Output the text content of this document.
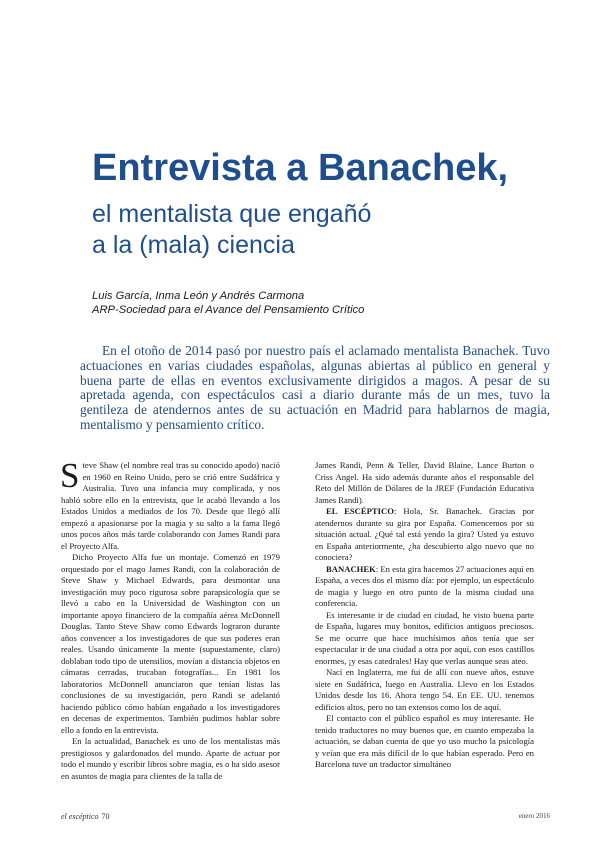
Entrevista a Banachek,
el mentalista que engañó
a la (mala) ciencia
Luis García, Inma León y Andrés Carmona
ARP-Sociedad para el Avance del Pensamiento Crítico

En el otoño de 2014 pasó por nuestro país el aclamado mentalista Banachek. Tuvo actuaciones en varias ciudades españolas, algunas abiertas al público en general y buena parte de ellas en eventos exclusivamente dirigidos a magos. A pesar de su apretada agenda, con espectáculos casi a diario durante más de un mes, tuvo la gentileza de atendernos antes de su actuación en Madrid para hablarnos de magia, mentalismo y pensamiento crítico.

Steve Shaw (el nombre real tras su conocido apodo) nació en 1960 en Reino Unido, pero se crió entre Sudáfrica y Australia. Tuvo una infancia muy complicada, y nos habló sobre ello en la entrevista, que le acabó llevando a los Estados Unidos a mediados de los 70. Desde que llegó allí empezó a apasionarse por la magia y su salto a la fama llegó unos pocos años más tarde colaborando con James Randi para el Proyecto Alfa.

Dicho Proyecto Alfa fue un montaje. Comenzó en 1979 orquestado por el mago James Randi, con la colaboración de Steve Shaw y Michael Edwards, para desmontar una investigación muy poco rigurosa sobre parapsicología que se llevó a cabo en la Universidad de Washington con un importante apoyo financiero de la compañía aérea McDonnell Douglas. Tanto Steve Shaw como Edwards lograron durante años convencer a los investigadores de que sus poderes eran reales. Usando únicamente la mente (supuestamente, claro) doblaban todo tipo de utensilios, movían a distancia objetos en cámaras cerradas, trucaban fotografías... En 1981 los laboratorios McDonnell anunciaron que tenían listas las conclusiones de su investigación, pero Randi se adelantó haciendo público cómo habían engañado a los investigadores en decenas de experimentos. También pudimos hablar sobre ello a fondo en la entrevista.

En la actualidad, Banachek es uno de los mentalistas más prestigiosos y galardonados del mundo. Aparte de actuar por todo el mundo y escribir libros sobre magia, es o ha sido asesor en asuntos de magia para clientes de la talla de

James Randi, Penn & Teller, David Blaine, Lance Burton o Criss Angel. Ha sido además durante años el responsable del Reto del Millón de Dólares de la JREF (Fundación Educativa James Randi).

EL ESCÉPTICO: Hola, Sr. Banachek. Gracias por atendernos durante su gira por España. Comencemos por su situación actual. ¿Qué tal está yendo la gira? Usted ya estuvo en España anteriormente, ¿ha descubierto algo nuevo que no conociera?

BANACHEK: En esta gira hacemos 27 actuaciones aquí en España, a veces dos el mismo día: por ejemplo, un espectáculo de magia y luego en otro punto de la misma ciudad una conferencia.

Es interesante ir de ciudad en ciudad, he visto buena parte de España, lugares muy bonitos, edificios antiguos preciosos. Se me ocurre que hace muchísimos años tenía que ser espectacular ir de una ciudad a otra por aquí, con esos castillos enormes, ¡y esas catedrales! Hay que verlas aunque seas ateo.

Nací en Inglaterra, me fui de allí con nueve años, estuve siete en Sudáfrica, luego en Australia. Llevo en los Estados Unidos desde los 16. Ahora tengo 54. En EE. UU. tenemos edificios altos, pero no tan extensos como los de aquí.

El contacto con el público español es muy interesante. He tenido traductores no muy buenos que, en cuanto empezaba la actuación, se daban cuenta de que yo uso mucho la psicología y veían que era más difícil de lo que habían esperado. Pero en Barcelona tuve un traductor simultáneo

el escéptico 70	enero 2016
